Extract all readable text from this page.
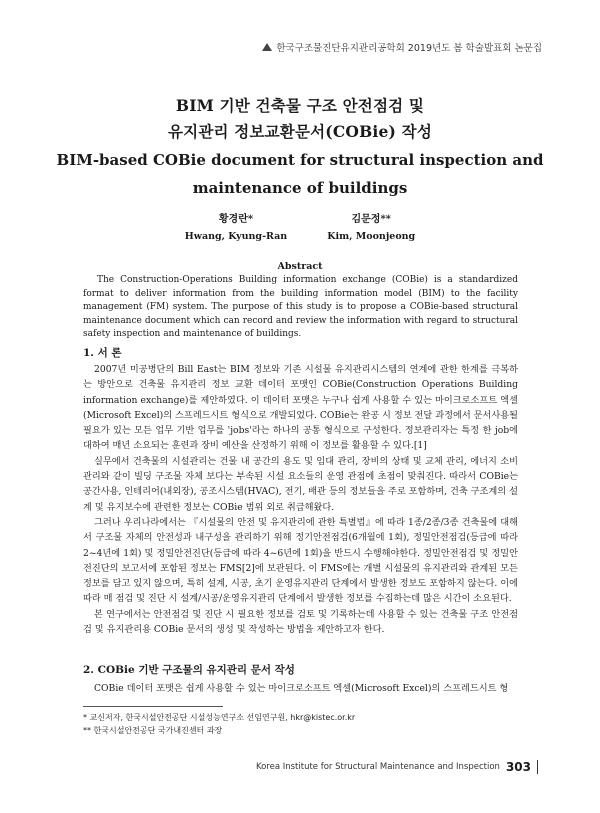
한국구조물진단유지관리공학회 2019년도 봄 학술발표회 논문집
BIM 기반 건축물 구조 안전점검 및
유지관리 정보교환문서(COBie) 작성
BIM-based COBie document for structural inspection and
maintenance of buildings
황경란*
Hwang, Kyung-Ran
김문정**
Kim, Moonjeong
Abstract
The Construction-Operations Building information exchange (COBie) is a standardized format to deliver information from the building information model (BIM) to the facility management (FM) system. The purpose of this study is to propose a COBie-based structural maintenance document which can record and review the information with regard to structural safety inspection and maintenance of buildings.
1. 서 론

2007년 미공병단의 Bill East는 BIM 정보와 기존 시설물 유지관리시스템의 연계에 관한 한계를 극복하는 방안으로 건축물 유지관리 정보 교환 데이터 포맷인 COBie(Construction Operations Building information exchange)를 제안하였다. 이 데이터 포맷은 누구나 쉽게 사용할 수 있는 마이크로소프트 엑셀(Microsoft Excel)의 스프레드시트 형식으로 개발되었다. COBie는 완공 시 정보 전달 과정에서 문서사용될 필요가 있는 모든 업무 기반 업무를 'jobs'라는 하나의 공통 형식으로 구성한다. 정보관리자는 특정 한 job에 대하여 매년 소요되는 훈련과 장비 예산을 산정하기 위해 이 정보를 활용할 수 있다.[1]

실무에서 건축물의 시설관리는 건물 내 공간의 용도 및 임대 관리, 장비의 상태 및 교체 관리, 에너지 소비 관리와 같이 빌딩 구조물 자체 보다는 부속된 시설 요소들의 운영 관점에 초점이 맞춰진다. 따라서 COBie는 공간사용, 인테리어(내외장), 공조시스템(HVAC), 전기, 배관 등의 정보들을 주로 포함하며, 건축 구조계의 설계 및 유지보수에 관련한 정보는 COBie 범위 외로 취급해왔다.

그러나 우리나라에서는 『시설물의 안전 및 유지관리에 관한 특별법』에 따라 1종/2종/3종 건축물에 대해서 구조물 자체의 안전성과 내구성을 관리하기 위해 정기안전점검(6개월에 1회), 정밀안전점검(등급에 따라 2~4년에 1회) 및 정밀안전진단(등급에 따라 4~6년에 1회)을 반드시 수행해야한다. 정밀안전점검 및 정밀안전진단의 보고서에 포함된 정보는 FMS[2]에 보관된다. 이 FMS에는 개별 시설물의 유지관리와 관계된 모든 정보를 담고 있지 않으며, 특히 설계, 시공, 초기 운영유지관리 단계에서 발생한 정보도 포함하지 않는다. 이에 따라 매 점검 및 진단 시 설계/시공/운영유지관리 단계에서 발생한 정보를 수집하는데 많은 시간이 소요된다.

본 연구에서는 안전점검 및 진단 시 필요한 정보를 검토 및 기록하는데 사용할 수 있는 건축물 구조 안전점검 및 유지관리용 COBie 문서의 생성 및 작성하는 방법을 제안하고자 한다.

2. COBie 기반 구조물의 유지관리 문서 작성

COBie 데이터 포맷은 쉽게 사용할 수 있는 마이크로소프트 엑셀(Microsoft Excel)의 스프레드시트 형

* 교신저자, 한국시설안전공단 시설성능연구소 선임연구원, hkr@kistec.or.kr
** 한국시설안전공단 국가내진센터 과장
Korea Institute for Structural Maintenance and Inspection 303
